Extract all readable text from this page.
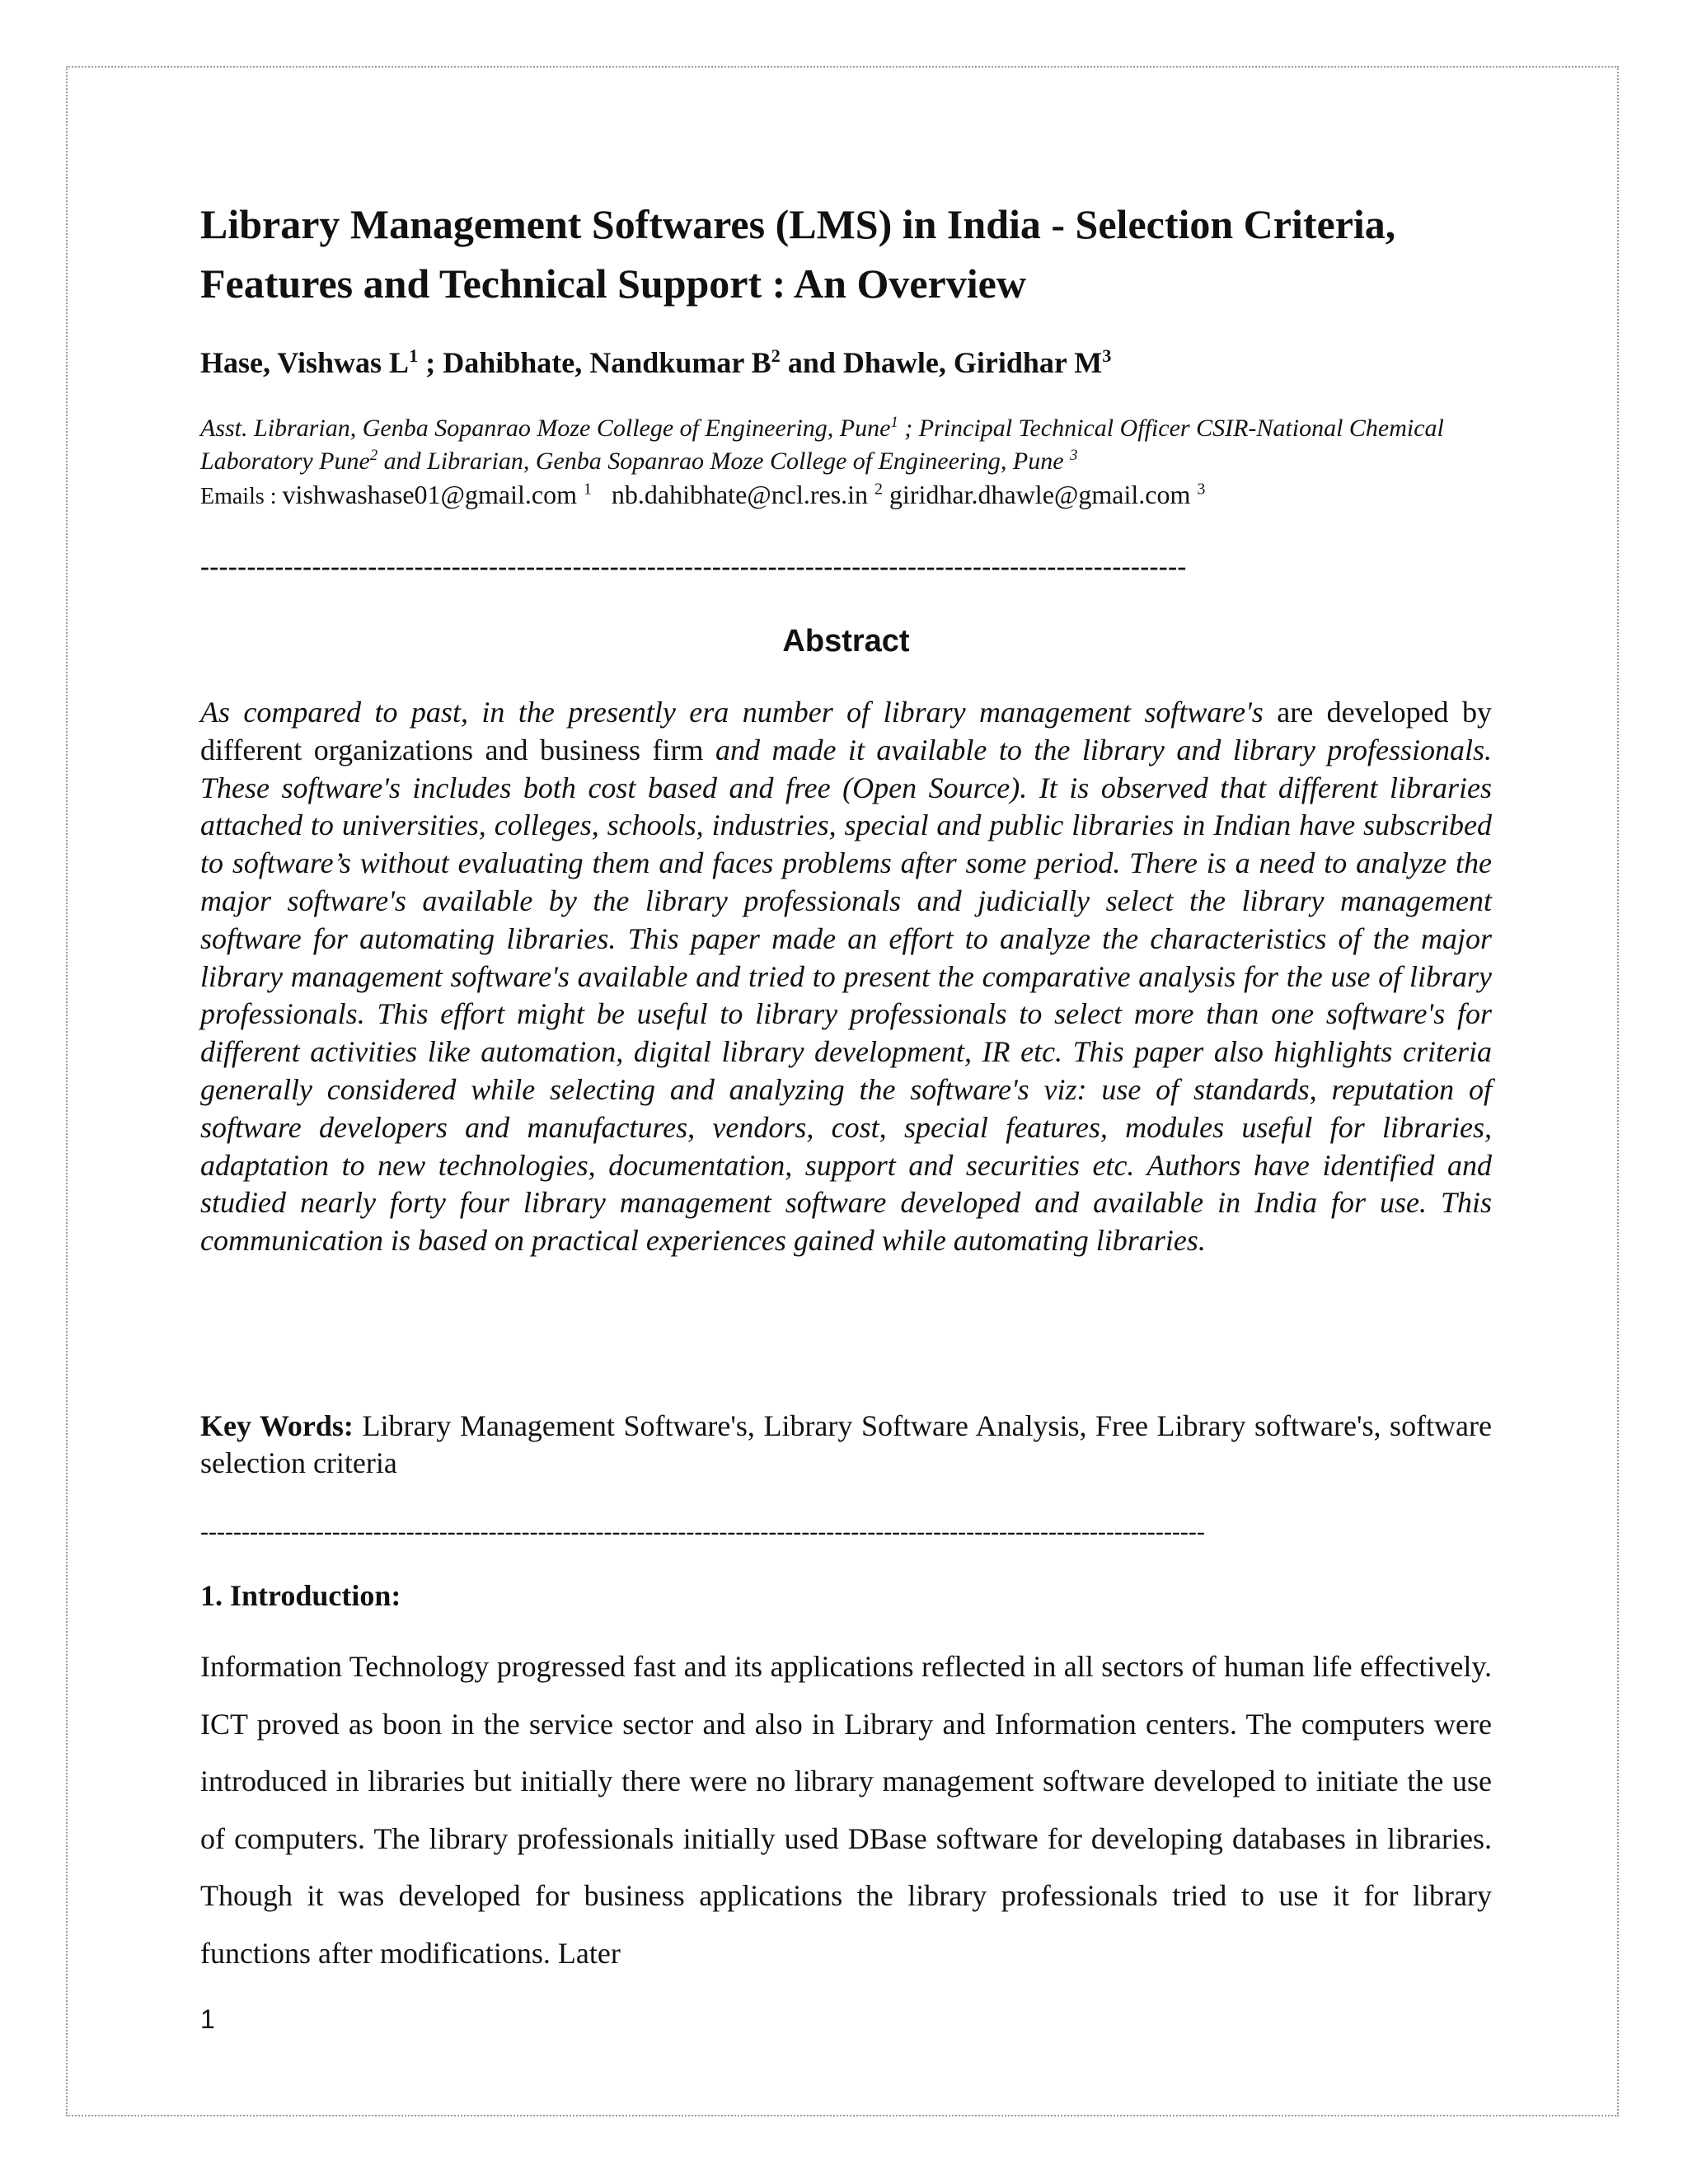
Library Management Softwares (LMS) in India - Selection Criteria, Features and Technical Support : An Overview

Hase, Vishwas $L^1$ ; Dahibhate, Nandkumar $B^2$ and Dhawle, Giridhar $M^3$

Asst. Librarian, Genba Sopanrao Moze College of Engineering, Pune$^1$ ; Principal Technical Officer CSIR-National Chemical Laboratory Pune$^2$ and Librarian, Genba Sopanrao Moze College of Engineering, Pune $^3$

Emails : vishwashase01@gmail.com $^1$ nb.dahibhate@ncl.res.in $^2$ giridhar.dhawle@gmail.com $^3$

----------------------------------------------------------------------------------------------------------
Abstract

As compared to past, in the presently era number of library management software's are developed by different organizations and business firm and made it available to the library and library professionals. These software's includes both cost based and free (Open Source). It is observed that different libraries attached to universities, colleges, schools, industries, special and public libraries in Indian have subscribed to software’s without evaluating them and faces problems after some period. There is a need to analyze the major software's available by the library professionals and judicially select the library management software for automating libraries. This paper made an effort to analyze the characteristics of the major library management software's available and tried to present the comparative analysis for the use of library professionals. This effort might be useful to library professionals to select more than one software's for different activities like automation, digital library development, IR etc. This paper also highlights criteria generally considered while selecting and analyzing the software's viz: use of standards, reputation of software developers and manufactures, vendors, cost, special features, modules useful for libraries, adaptation to new technologies, documentation, support and securities etc. Authors have identified and studied nearly forty four library management software developed and available in India for use. This communication is based on practical experiences gained while automating libraries.

Key Words: Library Management Software's, Library Software Analysis, Free Library software's, software selection criteria

--------------------------------------------------------------------------------------------------------------------------
1. Introduction:

Information Technology progressed fast and its applications reflected in all sectors of human life effectively. ICT proved as boon in the service sector and also in Library and Information centers. The computers were introduced in libraries but initially there were no library management software developed to initiate the use of computers. The library professionals initially used DBase software for developing databases in libraries. Though it was developed for business applications the library professionals tried to use it for library functions after modifications. Later

1
